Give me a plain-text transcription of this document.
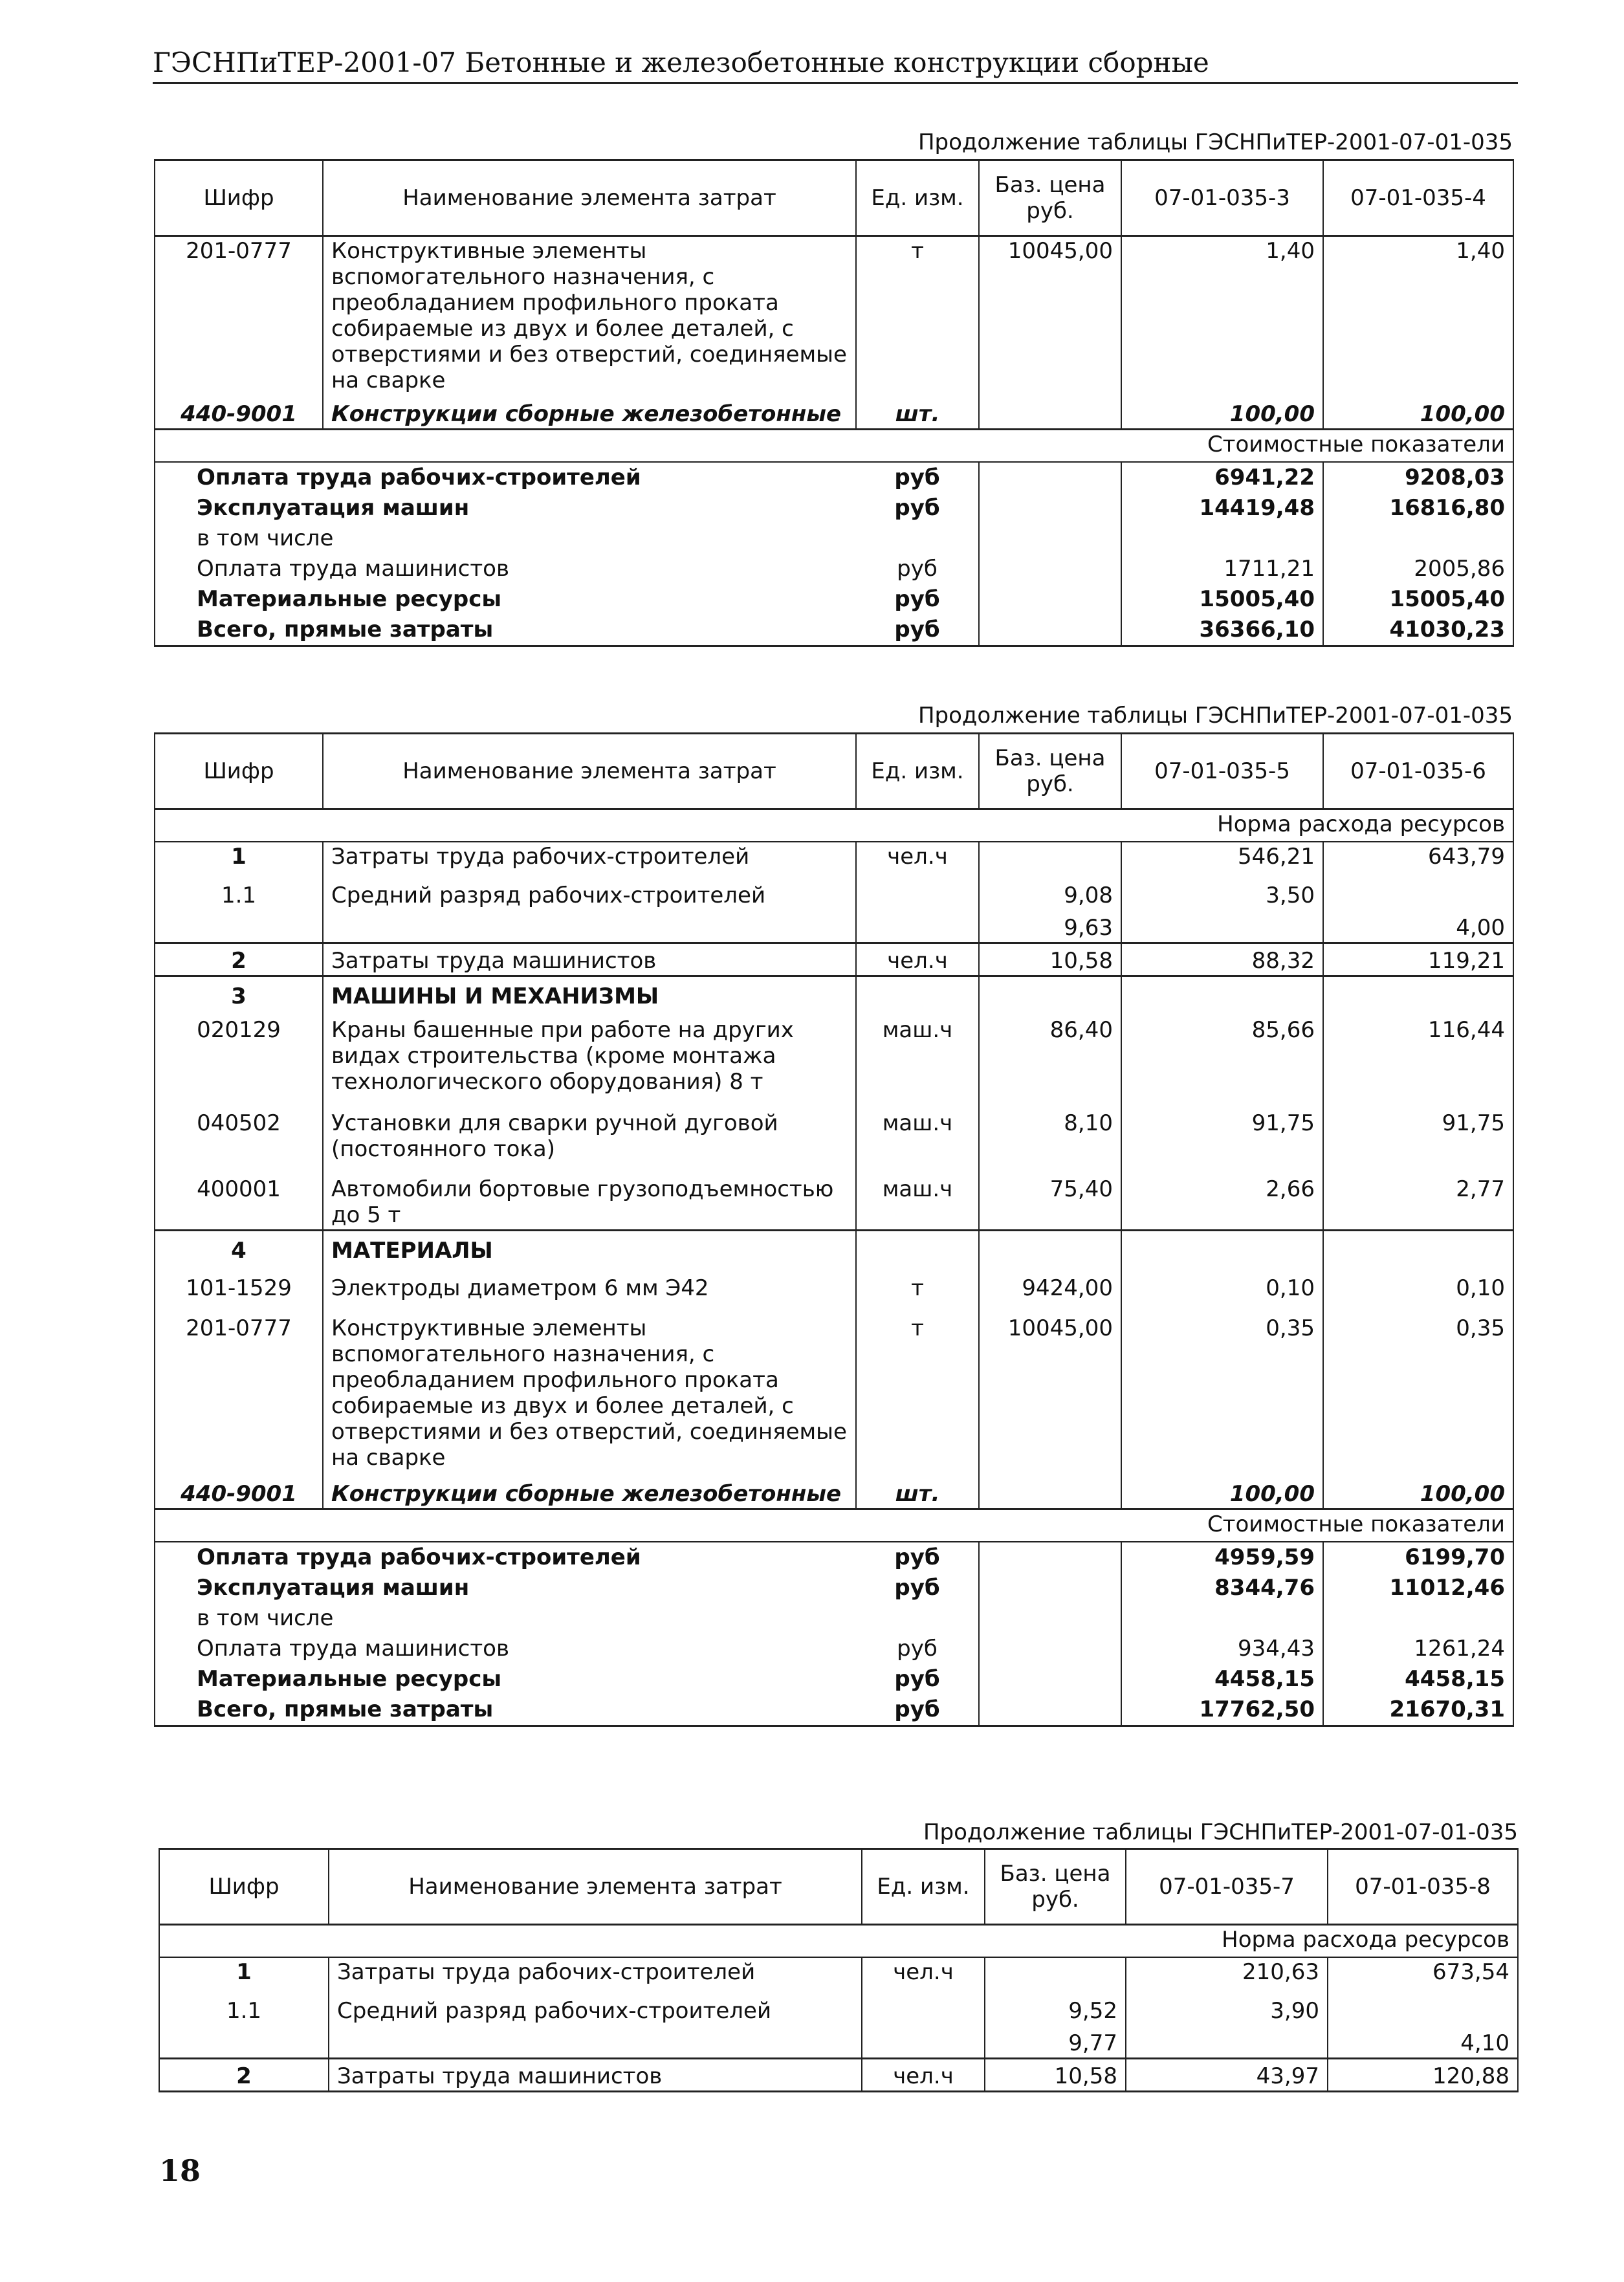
ГЭСНПиТЕР-2001-07 Бетонные и железобетонные конструкции сборные
Продолжение таблицы ГЭСНПиТЕР-2001-07-01-035
Шифр	Наименование элемента затрат	Ед. изм.	Баз. цена руб.	07-01-035-3	07-01-035-4
201-0777	Конструктивные элементы вспомогательного назначения, с преобладанием профильного проката собираемые из двух и более деталей, с отверстиями и без отверстий, соединяемые на сварке	т	10045,00	1,40	1,40
440-9001	Конструкции сборные железобетонные	шт.		100,00	100,00
				Стоимостные показатели	
Оплата труда рабочих-строителей		руб		6941,22	9208,03
Эксплуатация машин		руб		14419,48	16816,80
в том числе					
Оплата труда машинистов		руб		1711,21	2005,86
Материальные ресурсы		руб		15005,40	15005,40
Всего, прямые затраты		руб		36366,10	41030,23
Продолжение таблицы ГЭСНПиТЕР-2001-07-01-035
Шифр	Наименование элемента затрат	Ед. изм.	Баз. цена руб.	07-01-035-5	07-01-035-6
				Норма расхода ресурсов	
1	Затраты труда рабочих-строителей	чел.ч		546,21	643,79
1.1	Средний разряд рабочих-строителей		9,08	3,50	
			9,63		4,00
2	Затраты труда машинистов	чел.ч	10,58	88,32	119,21
3	МАШИНЫ И МЕХАНИЗМЫ				
020129	Краны башенные при работе на других видах строительства (кроме монтажа технологического оборудования) 8 т	маш.ч	86,40	85,66	116,44
040502	Установки для сварки ручной дуговой (постоянного тока)	маш.ч	8,10	91,75	91,75
400001	Автомобили бортовые грузоподъемностью до 5 т	маш.ч	75,40	2,66	2,77
4	МАТЕРИАЛЫ				
101-1529	Электроды диаметром 6 мм Э42	т	9424,00	0,10	0,10
201-0777	Конструктивные элементы вспомогательного назначения, с преобладанием профильного проката собираемые из двух и более деталей, с отверстиями и без отверстий, соединяемые на сварке	т	10045,00	0,35	0,35
440-9001	Конструкции сборные железобетонные	шт.		100,00	100,00
				Стоимостные показатели	
Оплата труда рабочих-строителей		руб		4959,59	6199,70
Эксплуатация машин		руб		8344,76	11012,46
в том числе					
Оплата труда машинистов		руб		934,43	1261,24
Материальные ресурсы		руб		4458,15	4458,15
Всего, прямые затраты		руб		17762,50	21670,31
Продолжение таблицы ГЭСНПиТЕР-2001-07-01-035
Шифр	Наименование элемента затрат	Ед. изм.	Баз. цена руб.	07-01-035-7	07-01-035-8
				Норма расхода ресурсов	
1	Затраты труда рабочих-строителей	чел.ч		210,63	673,54
1.1	Средний разряд рабочих-строителей		9,52	3,90	
			9,77		4,10
2	Затраты труда машинистов	чел.ч	10,58	43,97	120,88
18
